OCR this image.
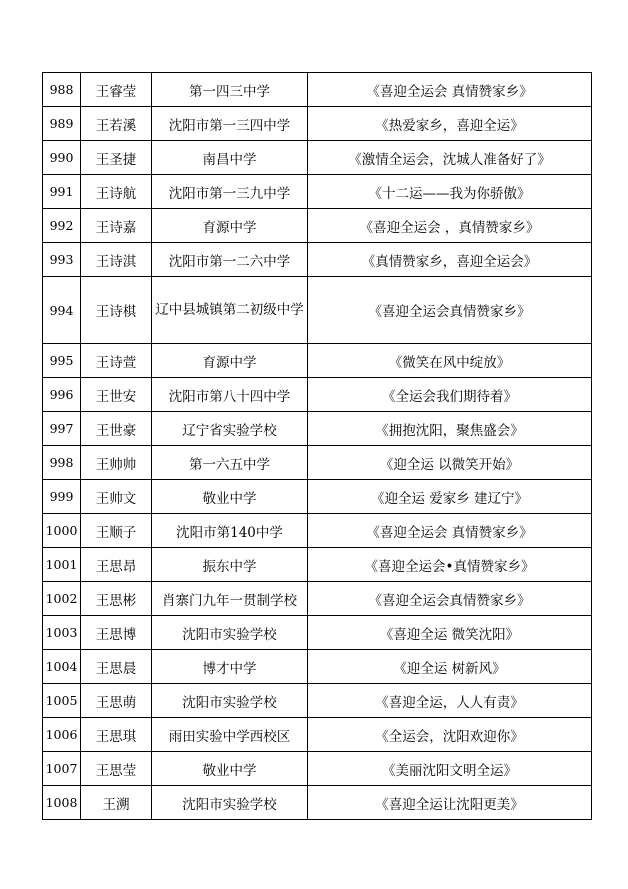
988	王睿莹	第一四三中学	《喜迎全运会 真情赞家乡》
989	王若溪	沈阳市第一三四中学	《热爱家乡，喜迎全运》
990	王圣捷	南昌中学	《激情全运会，沈城人准备好了》
991	王诗航	沈阳市第一三九中学	《十二运——我为你骄傲》
992	王诗嘉	育源中学	《喜迎全运会 ，真情赞家乡》
993	王诗淇	沈阳市第一二六中学	《真情赞家乡，喜迎全运会》
994	王诗棋	辽中县城镇第二初级中学	《喜迎全运会真情赞家乡》
995	王诗萱	育源中学	《微笑在风中绽放》
996	王世安	沈阳市第八十四中学	《全运会我们期待着》
997	王世豪	辽宁省实验学校	《拥抱沈阳，聚焦盛会》
998	王帅帅	第一六五中学	《迎全运 以微笑开始》
999	王帅文	敬业中学	《迎全运 爱家乡 建辽宁》
1000	王顺子	沈阳市第140中学	《喜迎全运会 真情赞家乡》
1001	王思昂	振东中学	《喜迎全运会•真情赞家乡》
1002	王思彬	肖寨门九年一贯制学校	《喜迎全运会真情赞家乡》
1003	王思博	沈阳市实验学校	《喜迎全运 微笑沈阳》
1004	王思晨	博才中学	《迎全运 树新风》
1005	王思萌	沈阳市实验学校	《喜迎全运，人人有责》
1006	王思琪	雨田实验中学西校区	《全运会，沈阳欢迎你》
1007	王思莹	敬业中学	《美丽沈阳文明全运》
1008	王溯	沈阳市实验学校	《喜迎全运让沈阳更美》
